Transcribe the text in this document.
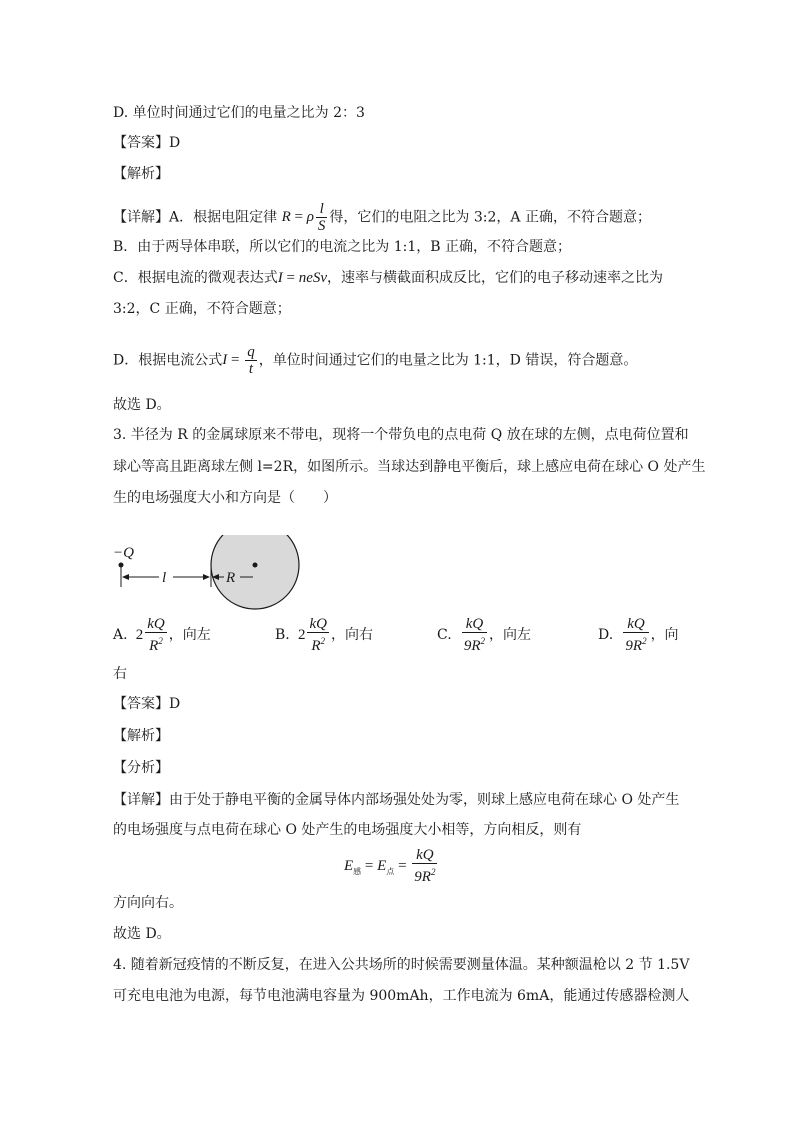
D. 单位时间通过它们的电量之比为 2：3
【答案】D
【解析】
【详解】A．根据电阻定律 R = ρ $\frac{l}{S}$ 得，它们的电阻之比为 3:2，A 正确，不符合题意；
B．由于两导体串联，所以它们的电流之比为 1:1，B 正确，不符合题意；
C．根据电流的微观表达式I = neSv，速率与横截面积成反比，它们的电子移动速率之比为
3:2，C 正确，不符合题意；
D．根据电流公式$I = \frac{q}{t}$ ，单位时间通过它们的电量之比为 1:1，D 错误，符合题意。
故选 D。
3. 半径为 R 的金属球原来不带电，现将一个带负电的点电荷 Q 放在球的左侧，点电荷位置和
球心等高且距离球左侧 l=2R，如图所示。当球达到静电平衡后，球上感应电荷在球心 O 处产生
生的电场强度大小和方向是（　　）
−Q
l	R
A.  $2 \frac{kQ}{R^2}$ ，向左	B.  $2 \frac{kQ}{R^2}$ ，向右	C. $\frac{kQ}{9R^2}$ ，向左	D. $\frac{kQ}{9R^2}$ ，向
右
【答案】D
【解析】
【分析】
【详解】由于处于静电平衡的金属导体内部场强处处为零，则球上感应电荷在球心 O 处产生
的电场强度与点电荷在球心 O 处产生的电场强度大小相等，方向相反，则有
$E_感 = E_点 = \frac{kQ}{9R^2}$
方向向右。
故选 D。
4. 随着新冠疫情的不断反复，在进入公共场所的时候需要测量体温。某种额温枪以 2 节 1.5V
可充电电池为电源，每节电池满电容量为 900mAh，工作电流为 6mA，能通过传感器检测人
